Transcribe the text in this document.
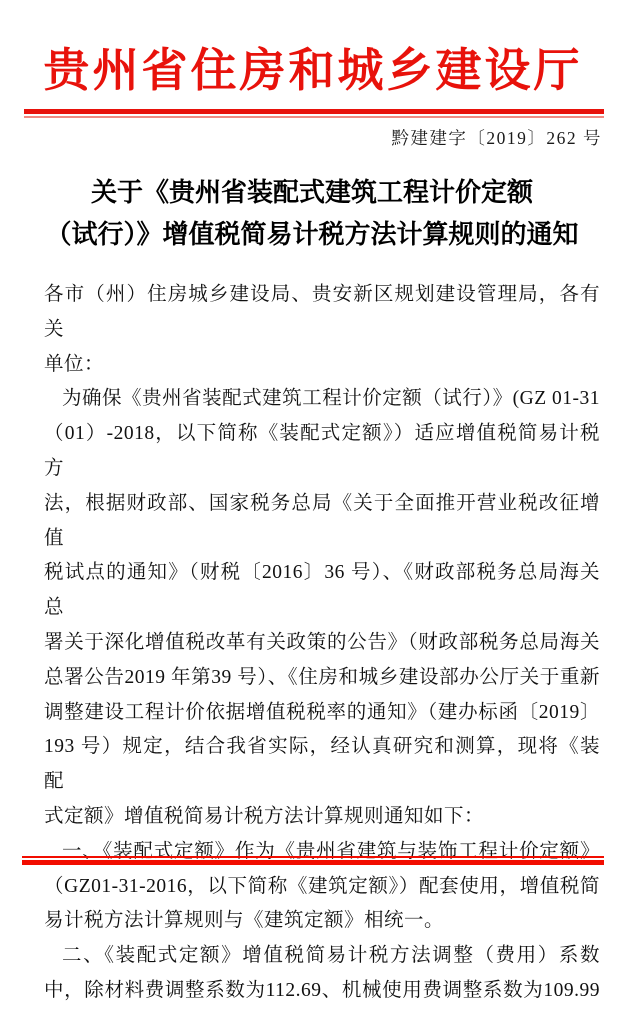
贵州省住房和城乡建设厅
黔建建字〔2019〕262 号
关于《贵州省装配式建筑工程计价定额
（试行）》增值税简易计税方法计算规则的通知
各市（州）住房城乡建设局、贵安新区规划建设管理局，各有关
单位：
为确保《贵州省装配式建筑工程计价定额（试行）》(GZ 01-31
（01）-2018，以下简称《装配式定额》）适应增值税简易计税方
法，根据财政部、国家税务总局《关于全面推开营业税改征增值
税试点的通知》（财税〔2016〕36 号）、《财政部税务总局海关总
署关于深化增值税改革有关政策的公告》（财政部税务总局海关
总署公告2019 年第39 号）、《住房和城乡建设部办公厅关于重新
调整建设工程计价依据增值税税率的通知》（建办标函〔2019〕
193 号）规定，结合我省实际，经认真研究和测算，现将《装配
式定额》增值税简易计税方法计算规则通知如下：
一、《装配式定额》作为《贵州省建筑与装饰工程计价定额》
（GZ01-31-2016，以下简称《建筑定额》）配套使用，增值税简
易计税方法计算规则与《建筑定额》相统一。
二、《装配式定额》增值税简易计税方法调整（费用）系数
中，除材料费调整系数为112.69、机械使用费调整系数为109.99
